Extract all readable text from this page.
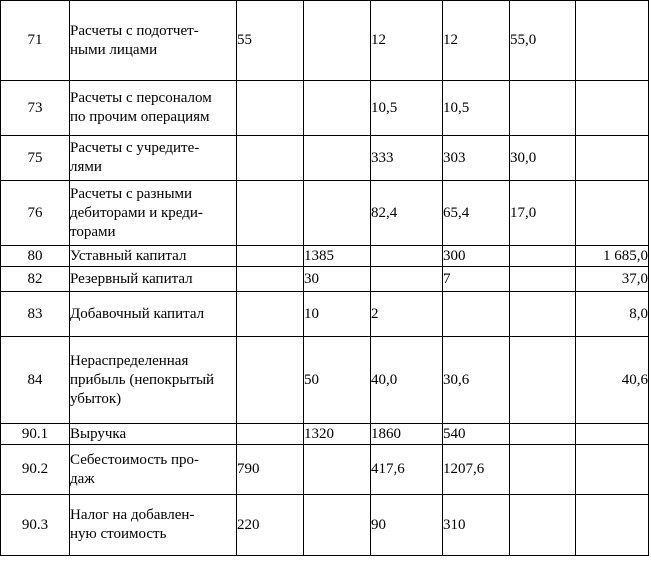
71	Расчеты с подотчет-
ными лицами	55		12	12	55,0	
73	Расчеты с персоналом
по прочим операциям			10,5	10,5		
75	Расчеты с учредите-
лями			333	303	30,0	
76	Расчеты с разными
дебиторами и креди-
торами			82,4	65,4	17,0	
80	Уставный капитал		1385		300		1 685,0
82	Резервный капитал		30		7		37,0
83	Добавочный капитал		10	2			8,0
84	Нераспределенная
прибыль (непокрытый
убыток)		50	40,0	30,6		40,6
90.1	Выручка		1320	1860	540		
90.2	Себестоимость про-
даж	790		417,6	1207,6		
90.3	Налог на добавлен-
ную стоимость	220		90	310		
